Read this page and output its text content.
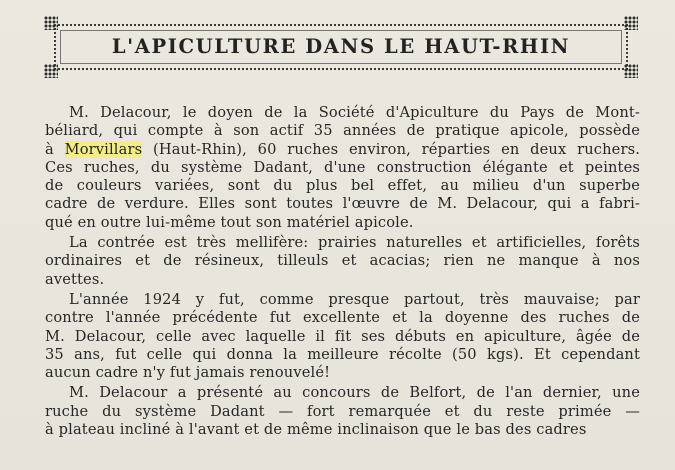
L'APICULTURE DANS LE HAUT-RHIN
M. Delacour, le doyen de la Société d'Apiculture du Pays de Mont-
béliard, qui compte à son actif 35 années de pratique apicole, possède
à Morvillars (Haut-Rhin), 60 ruches environ, réparties en deux ruchers.
Ces ruches, du système Dadant, d'une construction élégante et peintes
de couleurs variées, sont du plus bel effet, au milieu d'un superbe
cadre de verdure. Elles sont toutes l'œuvre de M. Delacour, qui a fabri-
qué en outre lui-même tout son matériel apicole.
La contrée est très mellifère: prairies naturelles et artificielles, forêts
ordinaires et de résineux, tilleuls et acacias; rien ne manque à nos
avettes.
L'année 1924 y fut, comme presque partout, très mauvaise; par
contre l'année précédente fut excellente et la doyenne des ruches de
M. Delacour, celle avec laquelle il fit ses débuts en apiculture, âgée de
35 ans, fut celle qui donna la meilleure récolte (50 kgs). Et cependant
aucun cadre n'y fut jamais renouvelé!
M. Delacour a présenté au concours de Belfort, de l'an dernier, une
ruche du système Dadant — fort remarquée et du reste primée —
à plateau incliné à l'avant et de même inclinaison que le bas des cadres
